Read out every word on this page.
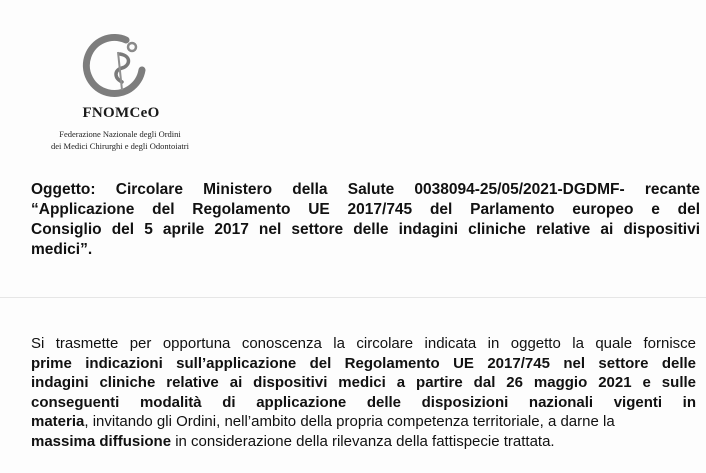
FNOMCeO
Federazione Nazionale degli Ordini
dei Medici Chirurghi e degli Odontoiatri
Oggetto: Circolare Ministero della Salute 0038094-25/05/2021-DGDMF- recante
“Applicazione del Regolamento UE 2017/745 del Parlamento europeo e del
Consiglio del 5 aprile 2017 nel settore delle indagini cliniche relative ai dispositivi
medici”.
Si trasmette per opportuna conoscenza la circolare indicata in oggetto la quale fornisce
prime indicazioni sull’applicazione del Regolamento UE 2017/745 nel settore delle
indagini cliniche relative ai dispositivi medici a partire dal 26 maggio 2021 e sulle
conseguenti modalità di applicazione delle disposizioni nazionali vigenti in
materia, invitando gli Ordini, nell’ambito della propria competenza territoriale, a darne la
massima diffusione in considerazione della rilevanza della fattispecie trattata.
